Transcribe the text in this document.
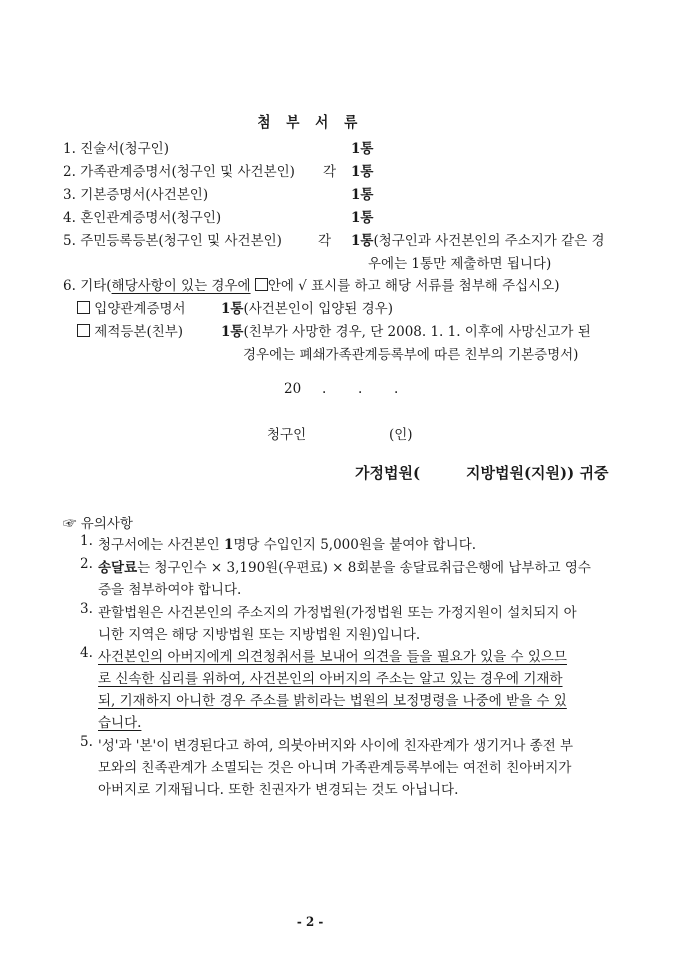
첨 부 서 류
1. 진술서(청구인)	1통
2. 가족관계증명서(청구인 및 사건본인) 각 1통
3. 기본증명서(사건본인)	1통
4. 혼인관계증명서(청구인)	1통
5. 주민등록등본(청구인 및 사건본인)	각 1통(청구인과 사건본인의 주소지가 같은 경
우에는 1통만 제출하면 됩니다)
6. 기타(해당사항이 있는 경우에 안에 √ 표시를 하고 해당 서류를 첨부해 주십시오)
입양관계증명서	1통(사건본인이 입양된 경우)
제적등본(친부)	1통(친부가 사망한 경우, 단 2008. 1. 1. 이후에 사망신고가 된
경우에는 폐쇄가족관계등록부에 따른 친부의 기본증명서)
20 . . .
청구인	(인)
가정법원(	지방법원(지원)) 귀중
☞ 유의사항
1. 청구서에는 사건본인 1명당 수입인지 5,000원을 붙여야 합니다.
2. 송달료는 청구인수 × 3,190원(우편료) × 8회분을 송달료취급은행에 납부하고 영수
증을 첨부하여야 합니다.
3. 관할법원은 사건본인의 주소지의 가정법원(가정법원 또는 가정지원이 설치되지 아
니한 지역은 해당 지방법원 또는 지방법원 지원)입니다.
4. 사건본인의 아버지에게 의견청취서를 보내어 의견을 들을 필요가 있을 수 있으므
로 신속한 심리를 위하여, 사건본인의 아버지의 주소는 알고 있는 경우에 기재하
되, 기재하지 아니한 경우 주소를 밝히라는 법원의 보정명령을 나중에 받을 수 있
습니다.
5. '성'과 '본'이 변경된다고 하여, 의붓아버지와 사이에 친자관계가 생기거나 종전 부
모와의 친족관계가 소멸되는 것은 아니며 가족관계등록부에는 여전히 친아버지가
아버지로 기재됩니다. 또한 친권자가 변경되는 것도 아닙니다.
- 2 -
